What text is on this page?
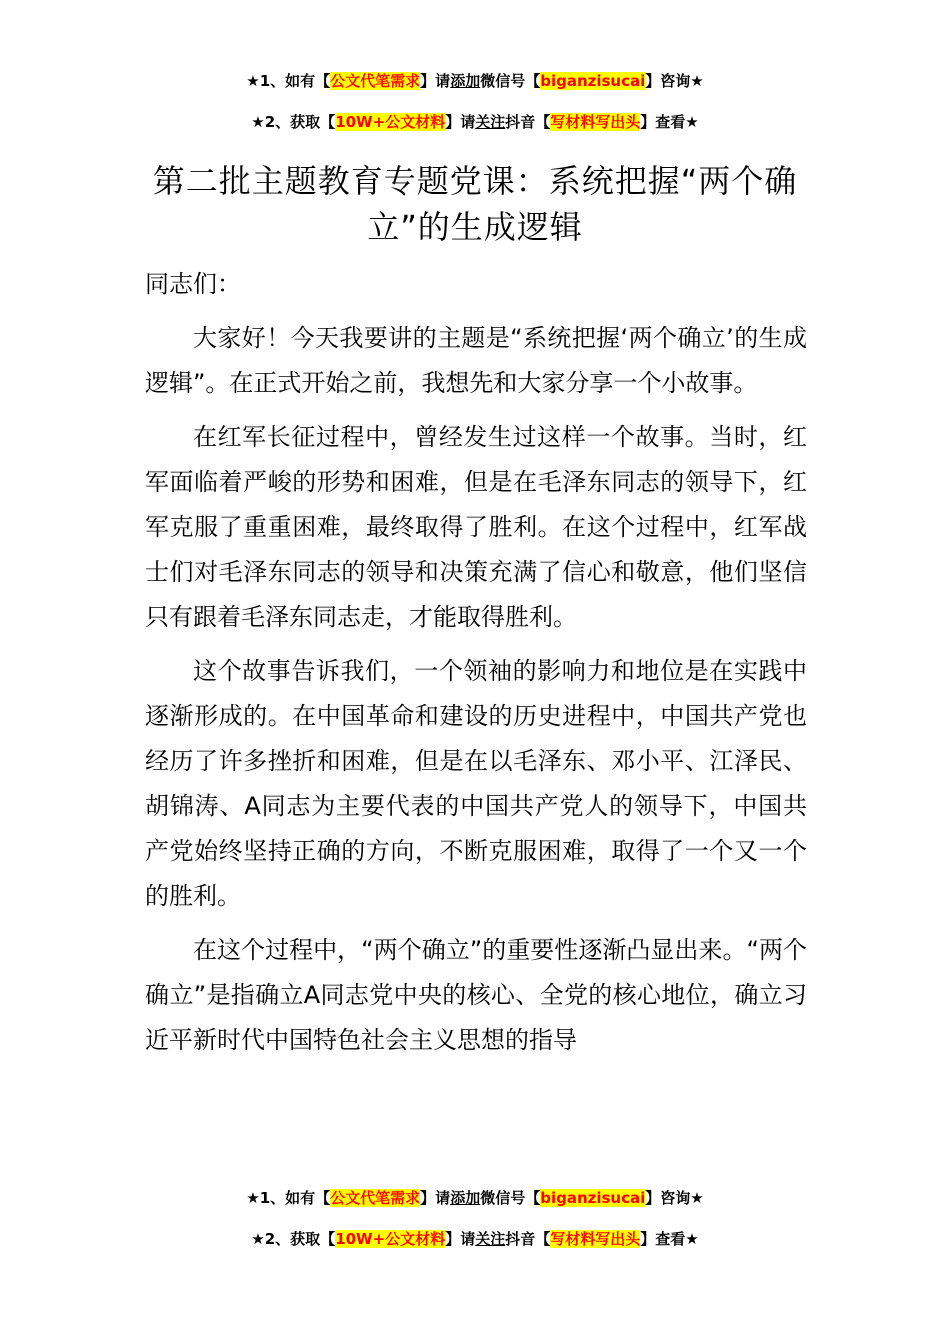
★1、如有【公文代笔需求】请添加微信号【biganzisucai】咨询★
★2、获取【10W+公文材料】请关注抖音【写材料写出头】查看★
第二批主题教育专题党课：系统把握“两个确立”的生成逻辑

同志们：

大家好！今天我要讲的主题是“系统把握‘两个确立’的生成逻辑”。在正式开始之前，我想先和大家分享一个小故事。

在红军长征过程中，曾经发生过这样一个故事。当时，红军面临着严峻的形势和困难，但是在毛泽东同志的领导下，红军克服了重重困难，最终取得了胜利。在这个过程中，红军战士们对毛泽东同志的领导和决策充满了信心和敬意，他们坚信只有跟着毛泽东同志走，才能取得胜利。

这个故事告诉我们，一个领袖的影响力和地位是在实践中逐渐形成的。在中国革命和建设的历史进程中，中国共产党也经历了许多挫折和困难，但是在以毛泽东、邓小平、江泽民、胡锦涛、A同志为主要代表的中国共产党人的领导下，中国共产党始终坚持正确的方向，不断克服困难，取得了一个又一个的胜利。

在这个过程中，“两个确立”的重要性逐渐凸显出来。“两个确立”是指确立A同志党中央的核心、全党的核心地位，确立习近平新时代中国特色社会主义思想的指导

★1、如有【公文代笔需求】请添加微信号【biganzisucai】咨询★
★2、获取【10W+公文材料】请关注抖音【写材料写出头】查看★
